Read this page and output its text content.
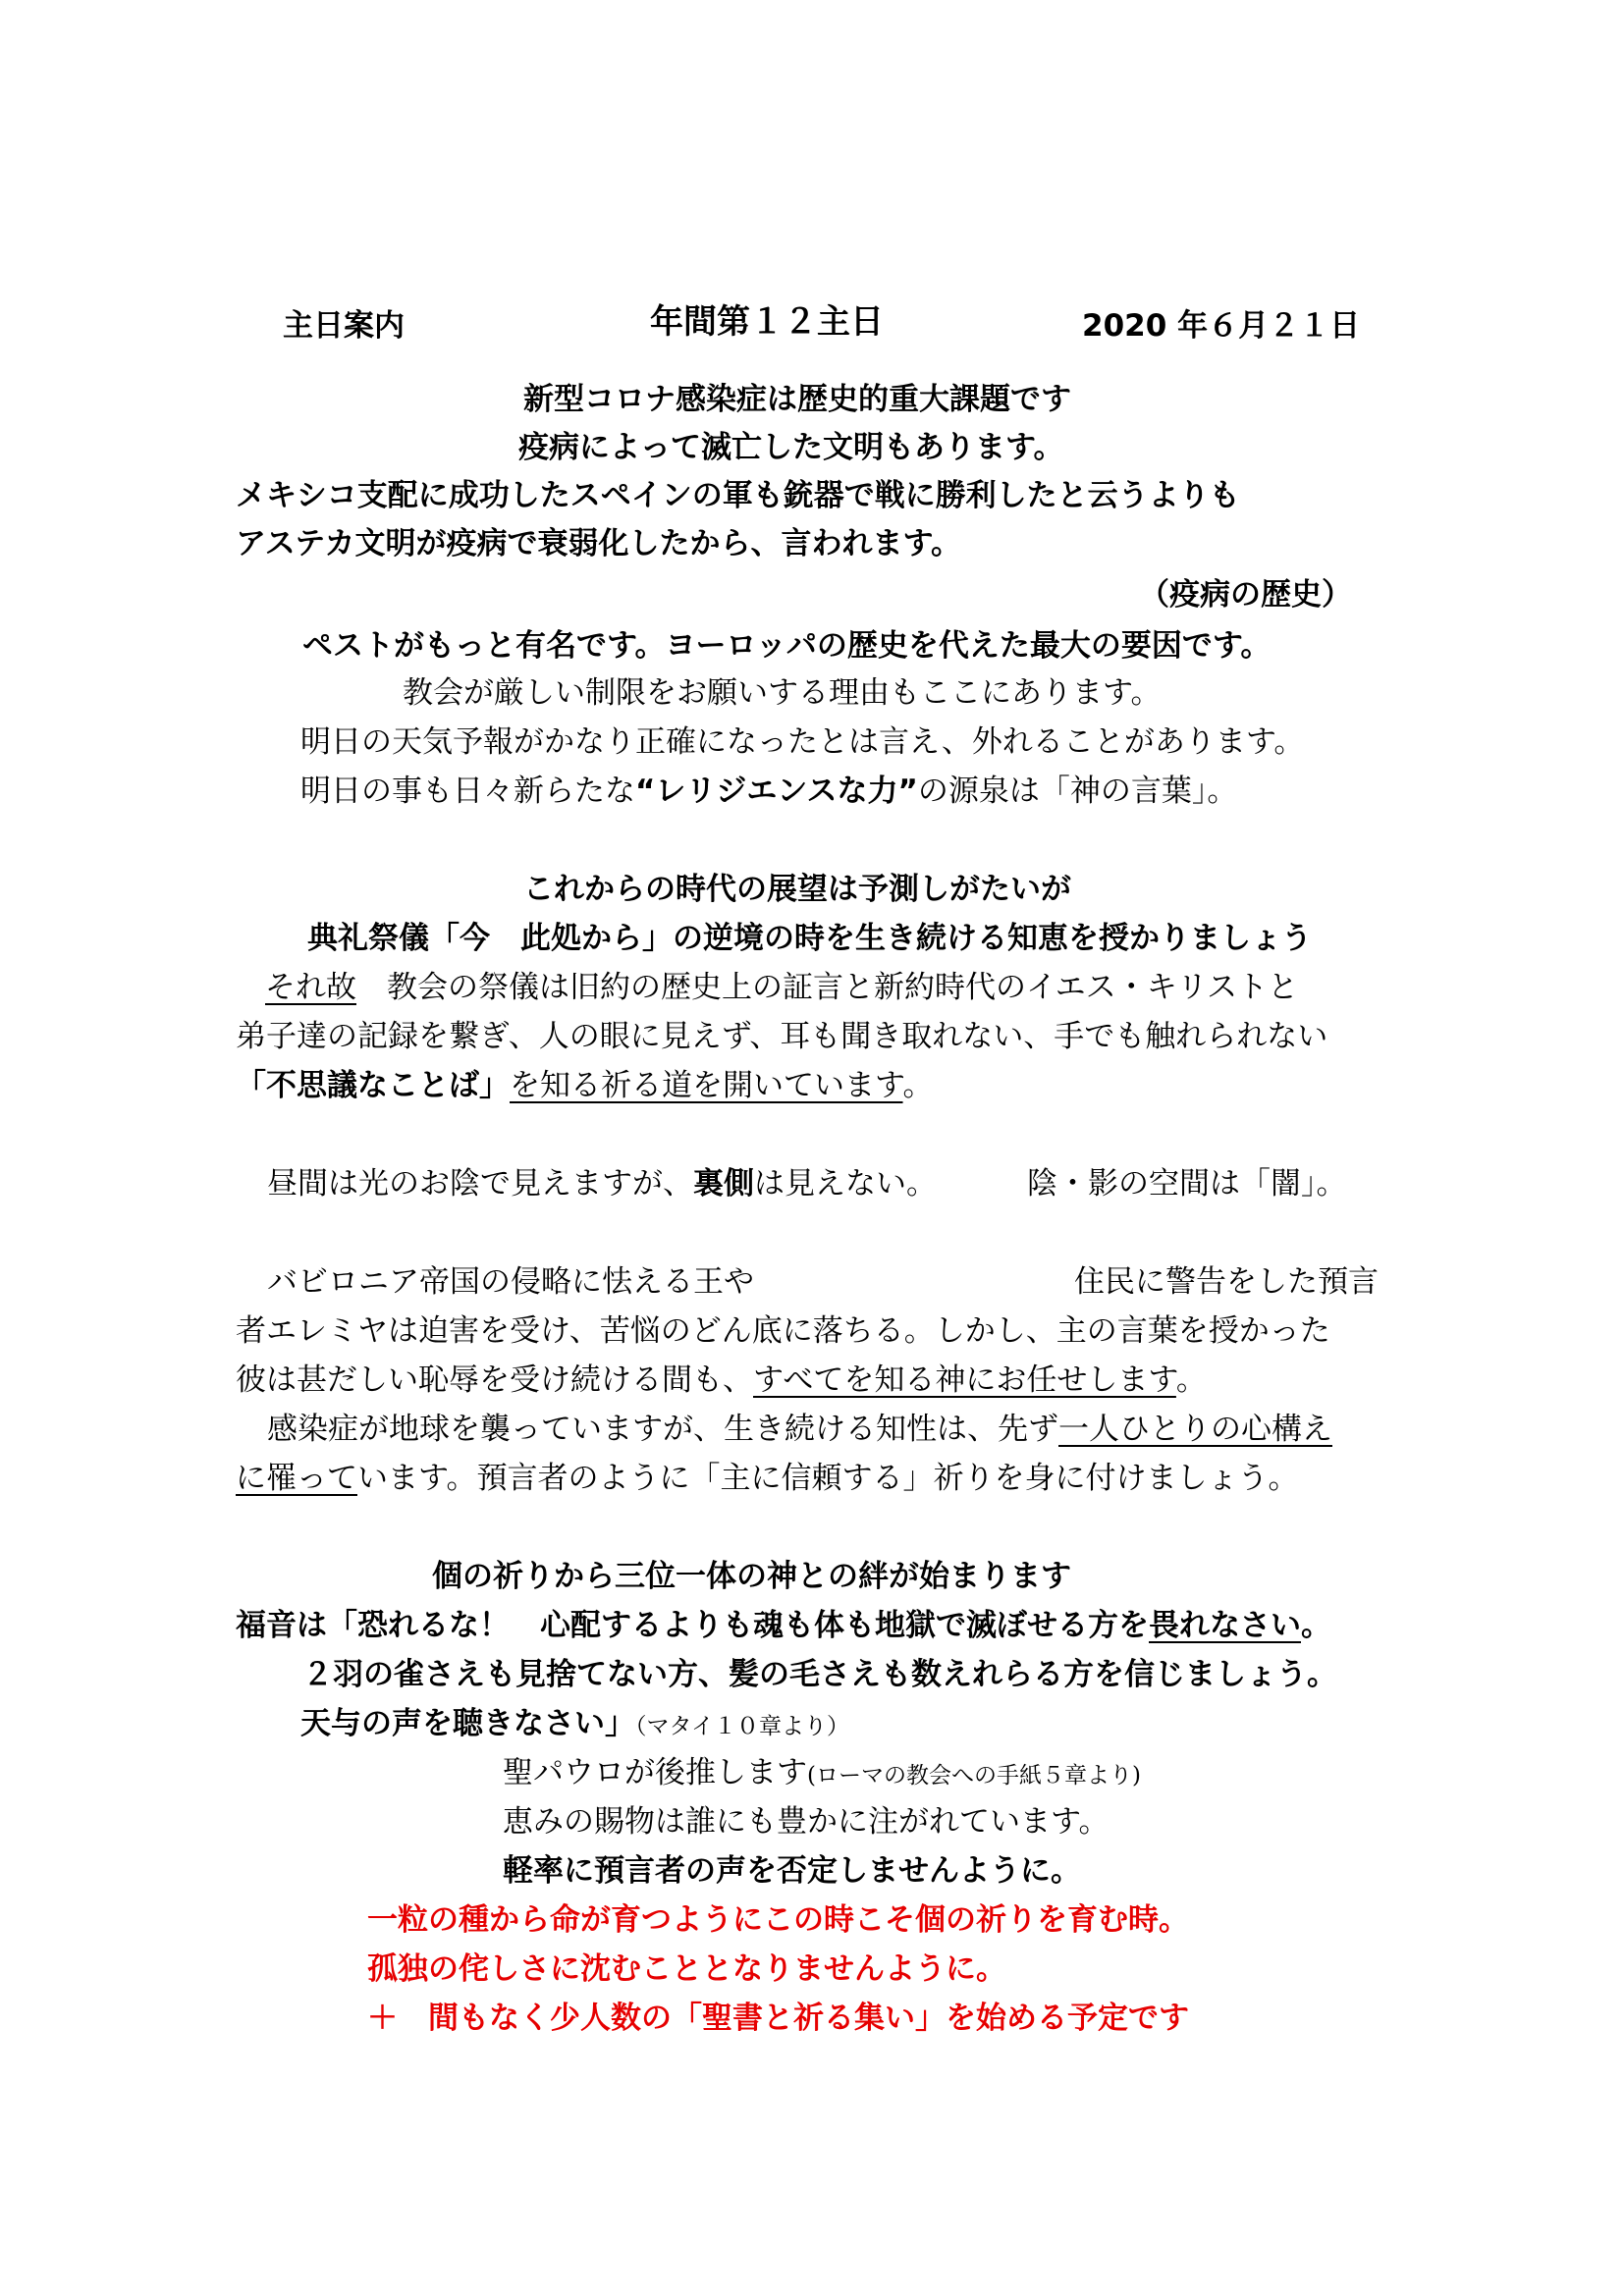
主日案内	年間第１２主日	2020 年６月２１日
新型コロナ感染症は歴史的重大課題です
疫病によって滅亡した文明もあります。
メキシコ支配に成功したスペインの軍も銃器で戦に勝利したと云うよりも
アステカ文明が疫病で衰弱化したから、言われます。
（疫病の歴史）
ペストがもっと有名です。ヨーロッパの歴史を代えた最大の要因です。
教会が厳しい制限をお願いする理由もここにあります。
明日の天気予報がかなり正確になったとは言え、外れることがあります。
明日の事も日々新らたな“レリジエンスな力”の源泉は「神の言葉」。
これからの時代の展望は予測しがたいが
典礼祭儀「今　此処から」の逆境の時を生き続ける知恵を授かりましょう
それ故　教会の祭儀は旧約の歴史上の証言と新約時代のイエス・キリストと
弟子達の記録を繋ぎ、人の眼に見えず、耳も聞き取れない、手でも触れられない
「不思議なことば」を知る祈る道を開いています。
昼間は光のお陰で見えますが、裏側は見えない。	陰・影の空間は「闇」。
バビロニア帝国の侵略に怯える王や	住民に警告をした預言
者エレミヤは迫害を受け、苦悩のどん底に落ちる。しかし、主の言葉を授かった
彼は甚だしい恥辱を受け続ける間も、すべてを知る神にお任せします。
感染症が地球を襲っていますが、生き続ける知性は、先ず一人ひとりの心構え
に罹っています。預言者のように「主に信頼する」祈りを身に付けましょう。
個の祈りから三位一体の神との絆が始まります
福音は「恐れるな！　心配するよりも魂も体も地獄で滅ぼせる方を畏れなさい。
２羽の雀さえも見捨てない方、髪の毛さえも数えれらる方を信じましょう。
天与の声を聴きなさい」（マタイ１０章より）
聖パウロが後推します(ローマの教会への手紙５章より)
恵みの賜物は誰にも豊かに注がれています。
軽率に預言者の声を否定しませんように。
一粒の種から命が育つようにこの時こそ個の祈りを育む時。
孤独の侘しさに沈むこととなりませんように。
＋　間もなく少人数の「聖書と祈る集い」を始める予定です
